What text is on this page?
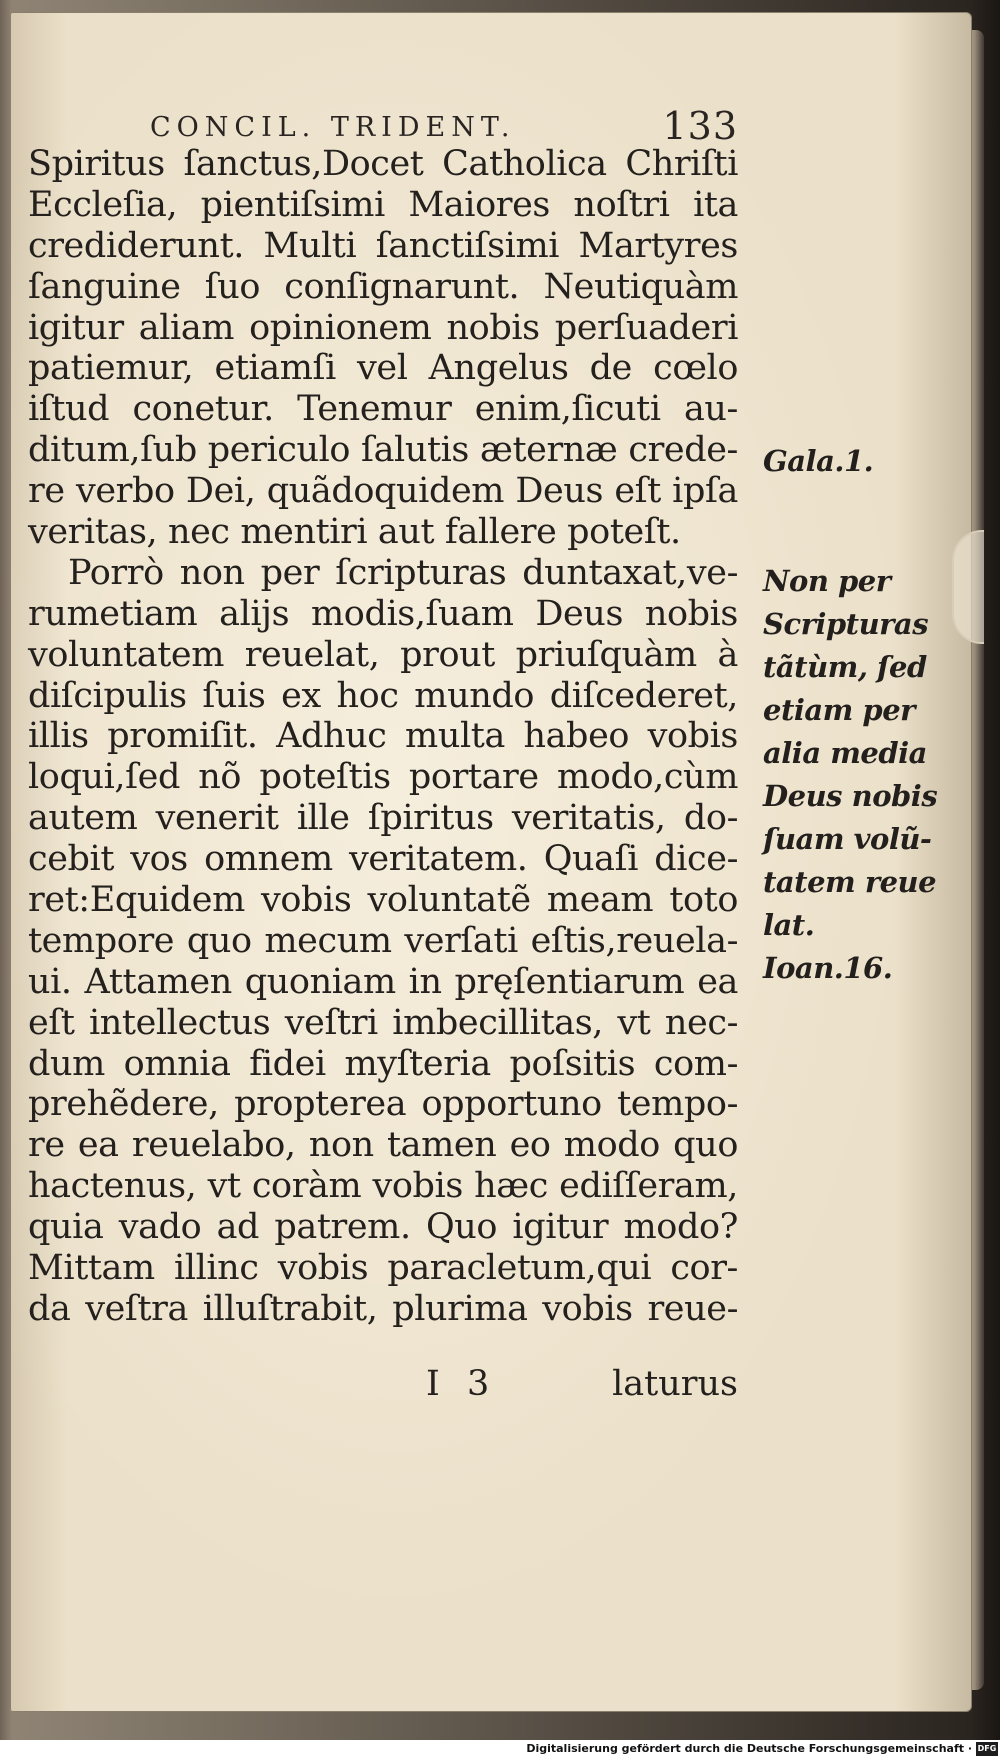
CONCIL. TRIDENT.	133
Spiritus ſanctus,Docet Catholica Chriſti
Eccleſia, pientiſsimi Maiores noſtri ita
crediderunt. Multi ſanctiſsimi Martyres
ſanguine ſuo conſignarunt. Neutiquàm
igitur aliam opinionem nobis perſuaderi
patiemur, etiamſi vel Angelus de cœlo
iſtud conetur. Tenemur enim,ſicuti au-
ditum,ſub periculo ſalutis æternæ crede-
re verbo Dei, quãdoquidem Deus eſt ipſa
veritas, nec mentiri aut fallere poteſt.
Porrò non per ſcripturas duntaxat,ve-
rumetiam alijs modis,ſuam Deus nobis
voluntatem reuelat, prout priuſquàm à
diſcipulis ſuis ex hoc mundo diſcederet,
illis promiſit. Adhuc multa habeo vobis
loqui,ſed nõ poteſtis portare modo,cùm
autem venerit ille ſpiritus veritatis, do-
cebit vos omnem veritatem. Quaſi dice-
ret:Equidem vobis voluntatẽ meam toto
tempore quo mecum verſati eſtis,reuela-
ui. Attamen quoniam in pręſentiarum ea
eſt intellectus veſtri imbecillitas, vt nec-
dum omnia fidei myſteria poſsitis com-
prehẽdere, propterea opportuno tempo-
re ea reuelabo, non tamen eo modo quo
hactenus, vt coràm vobis hæc ediſſeram,
quia vado ad patrem. Quo igitur modo?
Mittam illinc vobis paracletum,qui cor-
da veſtra illuſtrabit, plurima vobis reue-
Gala.1.
Non per
Scripturas
tãtùm, ſed
etiam per
alia media
Deus nobis
ſuam volũ-
tatem reue
lat.
Ioan.16.
I 3	laturus
Digitalisierung gefördert durch die Deutsche Forschungsgemeinschaft · DFG
